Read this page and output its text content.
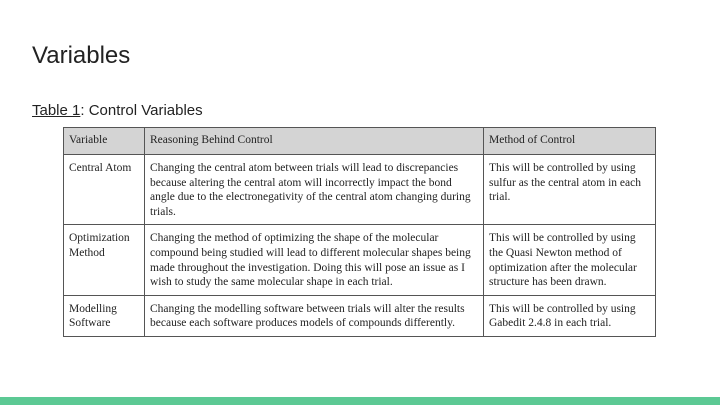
Variables
Table 1: Control Variables
Variable	Reasoning Behind Control	Method of Control
Central Atom	Changing the central atom between trials will lead to discrepancies because altering the central atom will incorrectly impact the bond angle due to the electronegativity of the central atom changing during trials.	This will be controlled by using sulfur as the central atom in each trial.
Optimization Method	Changing the method of optimizing the shape of the molecular compound being studied will lead to different molecular shapes being made throughout the investigation. Doing this will pose an issue as I wish to study the same molecular shape in each trial.	This will be controlled by using the Quasi Newton method of optimization after the molecular structure has been drawn.
Modelling Software	Changing the modelling software between trials will alter the results because each software produces models of compounds differently.	This will be controlled by using Gabedit 2.4.8 in each trial.
